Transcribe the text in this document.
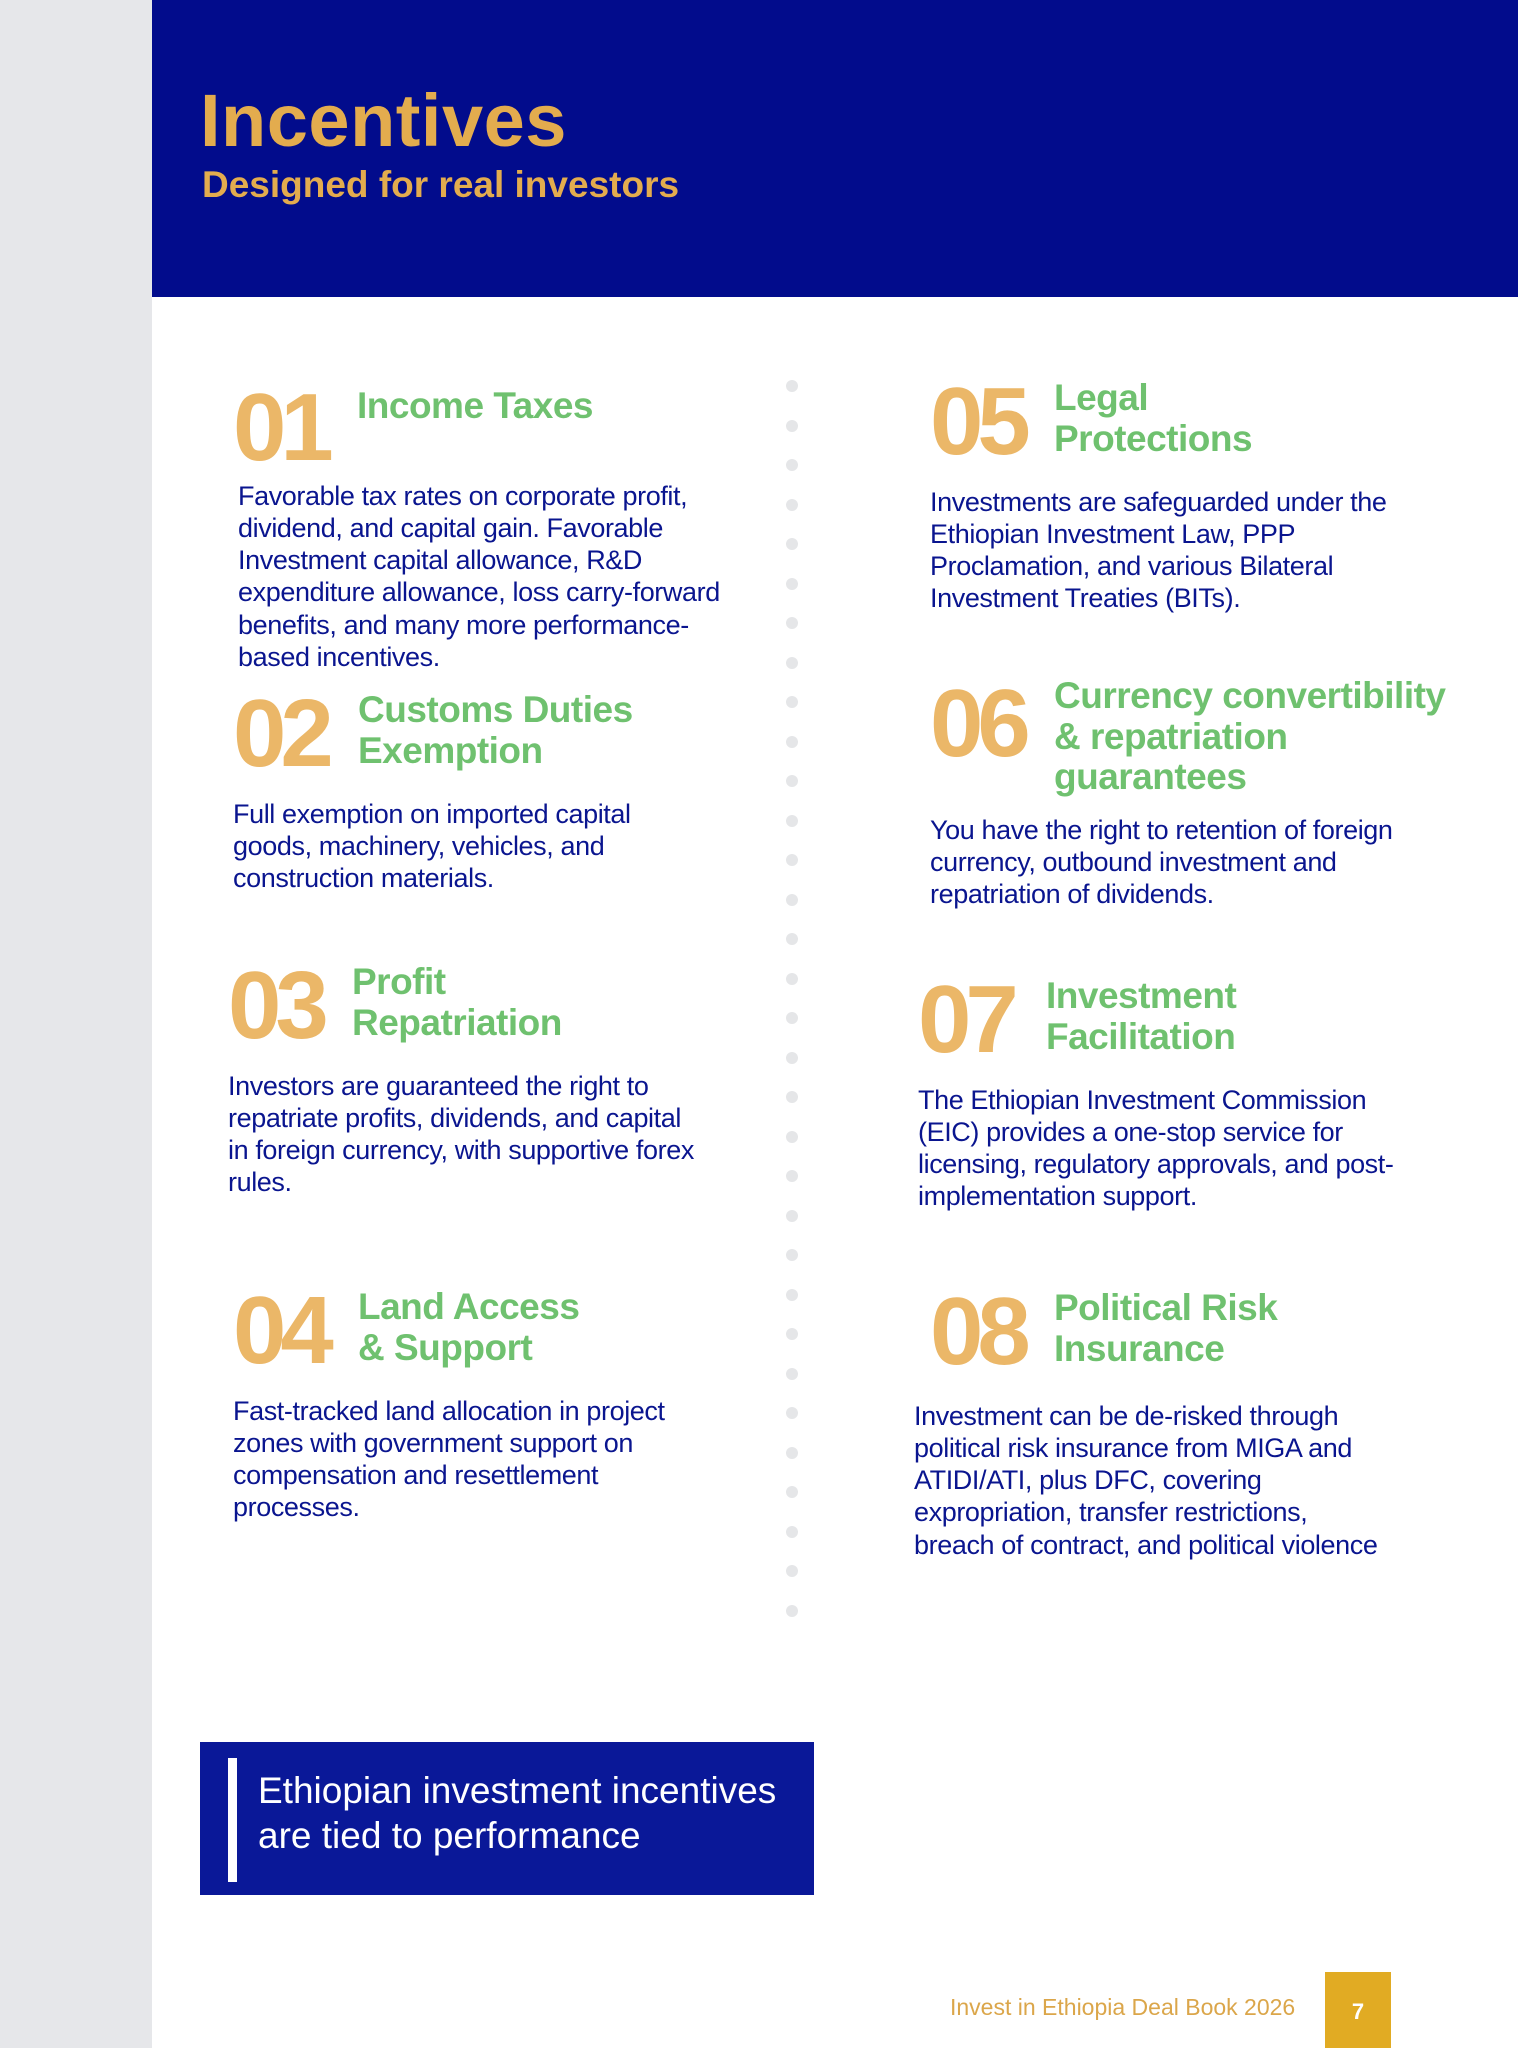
Incentives
Designed for real investors
01 Income Taxes

Favorable tax rates on corporate profit, dividend, and capital gain. Favorable Investment capital allowance, R&D expenditure allowance, loss carry-forward benefits, and many more performance-based incentives.

02 Customs Duties
Exemption

Full exemption on imported capital goods, machinery, vehicles, and construction materials.

03 Profit
Repatriation

Investors are guaranteed the right to repatriate profits, dividends, and capital in foreign currency, with supportive forex rules.

04 Land Access
& Support

Fast-tracked land allocation in project zones with government support on compensation and resettlement processes.

05 Legal
Protections

Investments are safeguarded under the Ethiopian Investment Law, PPP Proclamation, and various Bilateral Investment Treaties (BITs).

06 Currency convertibility
& repatriation
guarantees

You have the right to retention of foreign currency, outbound investment and repatriation of dividends.

07 Investment
Facilitation

The Ethiopian Investment Commission (EIC) provides a one-stop service for licensing, regulatory approvals, and post-implementation support.

08 Political Risk
Insurance

Investment can be de-risked through political risk insurance from MIGA and ATIDI/ATI, plus DFC, covering expropriation, transfer restrictions, breach of contract, and political violence

Ethiopian investment incentives are tied to performance

Invest in Ethiopia Deal Book 2026	7
